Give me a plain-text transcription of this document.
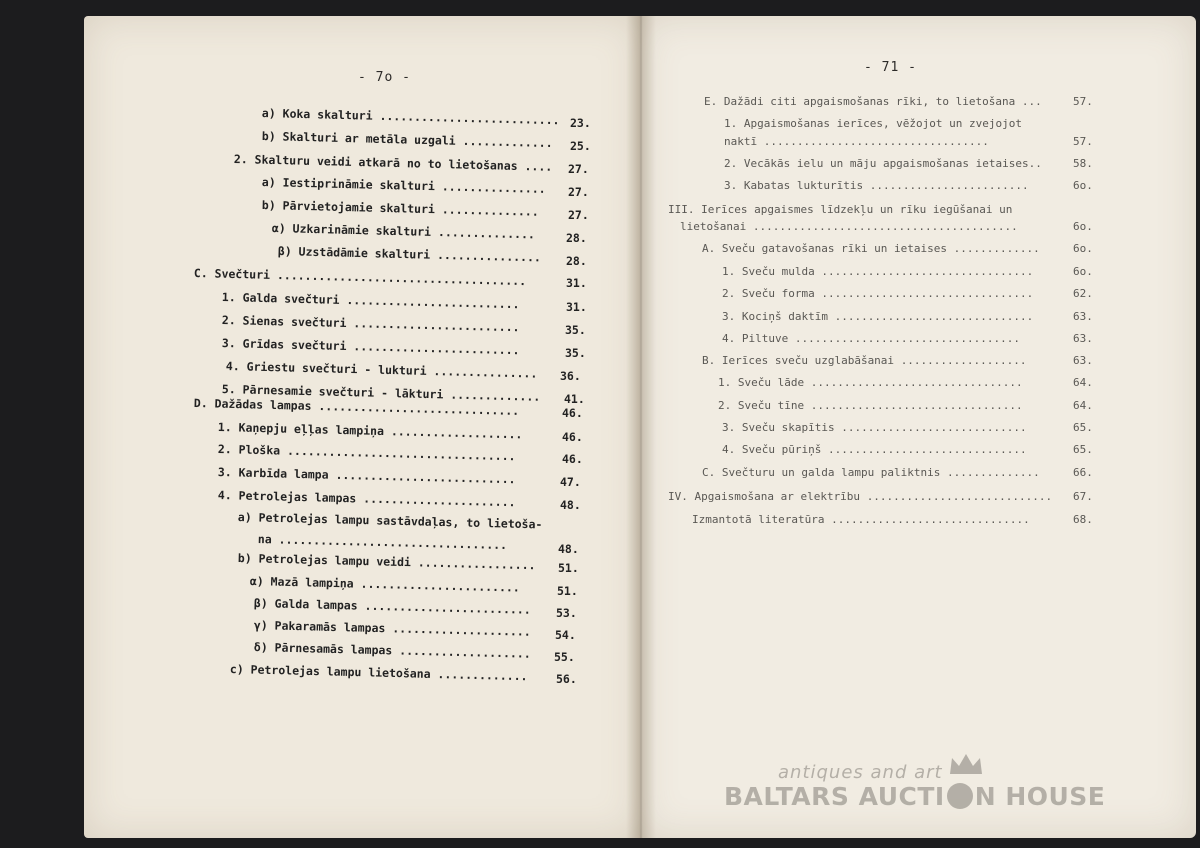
- 7o -
- 71 -
a) Koka skalturi .......................... 23.
b) Skalturi ar metāla uzgali ............. 25.
2. Skalturu veidi atkarā no to lietošanas .... 27.
a) Iestiprināmie skalturi ............... 27.
b) Pārvietojamie skalturi ..............	27.
α) Uzkarināmie skalturi ..............	28.
β) Uzstādāmie skalturi ............... 28.
C. Svečturi ....................................	31.
1. Galda svečturi .........................	31.
2. Sienas svečturi ........................	35.
3. Grīdas svečturi ........................	35.
4. Griestu svečturi - lukturi ............... 36.
5. Pārnesamie svečturi - lākturi ............. 41.
D. Dažādas lampas .............................	46.
1. Kaņepju eļļas lampiņa ...................	46.
2. Ploška .................................	46.
3. Karbīda lampa ..........................	47.
4. Petrolejas lampas ......................	48.
a) Petrolejas lampu sastāvdaļas, to lietoša-
na .................................	48.
b) Petrolejas lampu veidi ................. 51.
α) Mazā lampiņa .......................	51.
β) Galda lampas ........................ 53.
γ) Pakaramās lampas .................... 54.
δ) Pārnesamās lampas ................... 55.
c) Petrolejas lampu lietošana ............. 56.
E. Dažādi citi apgaismošanas rīki, to lietošana ...	57.
1. Apgaismošanas ierīces, vēžojot un zvejojot
naktī ..................................	57.
2. Vecākās ielu un māju apgaismošanas ietaises..	58.
3. Kabatas lukturītis ........................	6o.
III. Ierīces apgaismes līdzekļu un rīku iegūšanai un
lietošanai ........................................	6o.
A. Sveču gatavošanas rīki un ietaises .............	6o.
1. Sveču mulda ................................	6o.
2. Sveču forma ................................	62.
3. Kociņš daktīm ..............................	63.
4. Piltuve ..................................	63.
B. Ierīces sveču uzglabāšanai ...................	63.
1. Sveču lāde ................................	64.
2. Sveču tīne ................................	64.
3. Sveču skapītis ............................	65.
4. Sveču pūriņš ..............................	65.
C. Svečturu un galda lampu paliktnis ..............	66.
IV. Apgaismošana ar elektrību ............................ 67.
Izmantotā literatūra ..............................	68.
antiques and art
BALTARS AUCTI N HOUSE
